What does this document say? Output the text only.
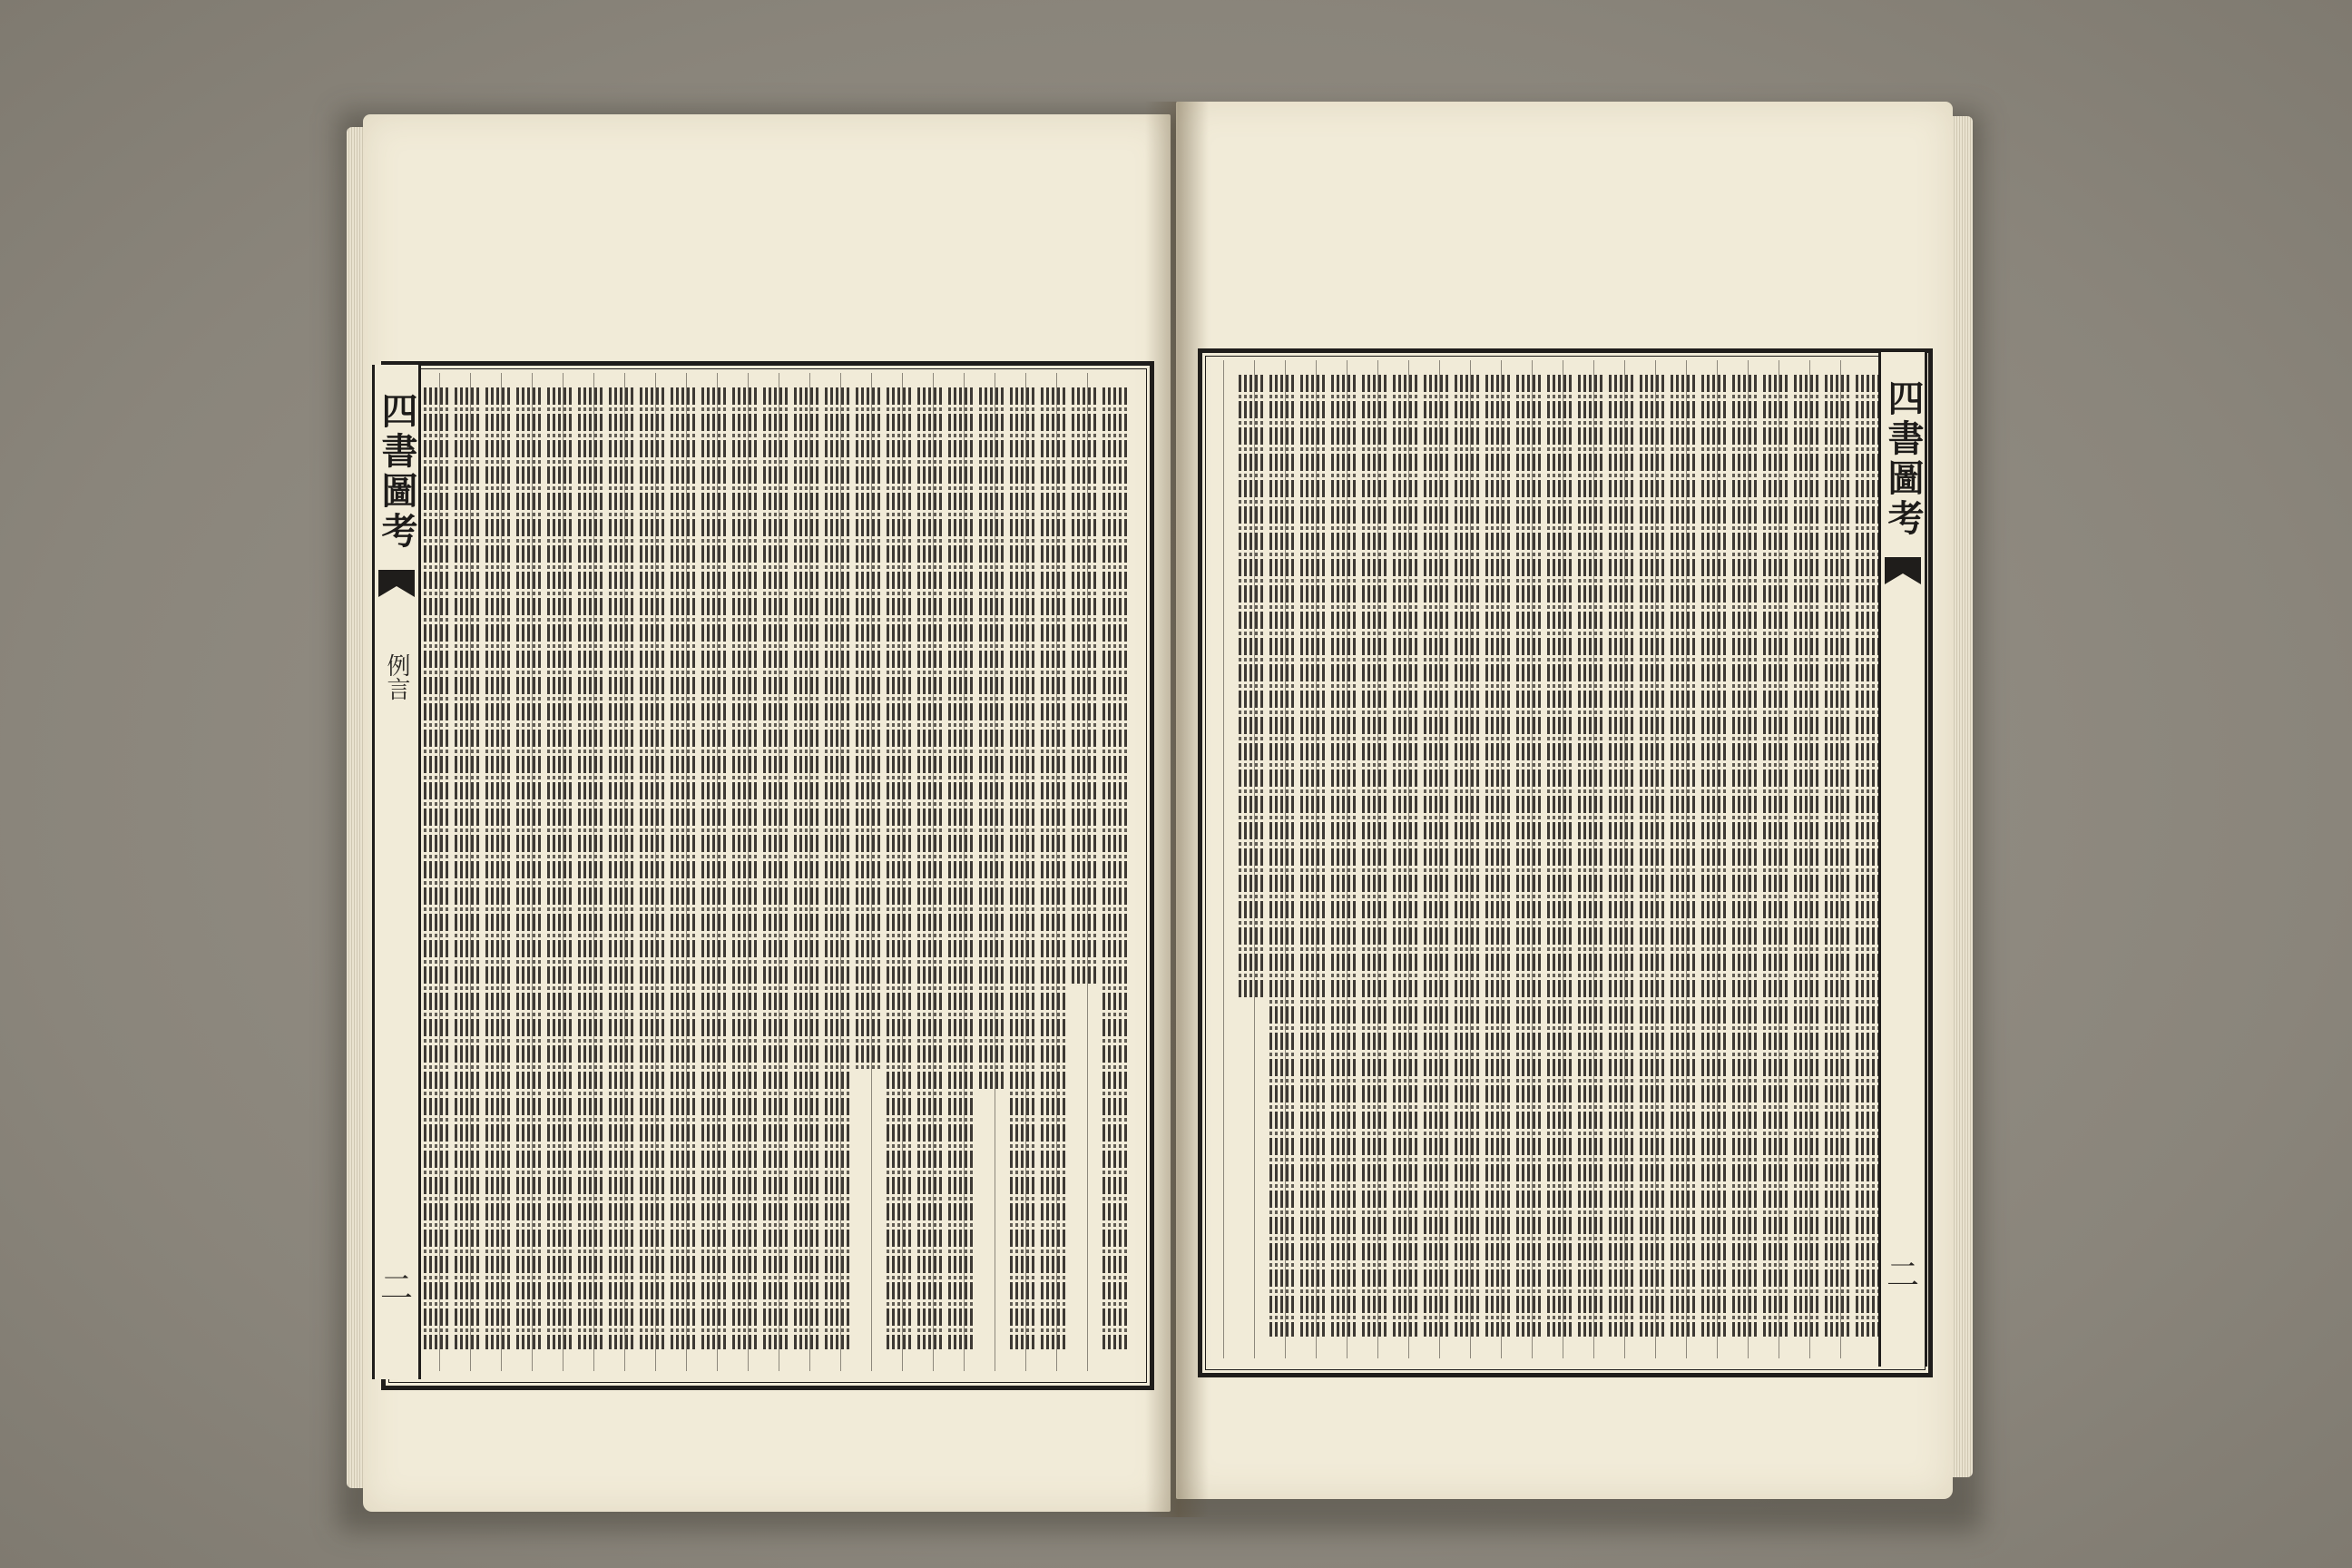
四書圖考
例言
二
四書圖考
二
